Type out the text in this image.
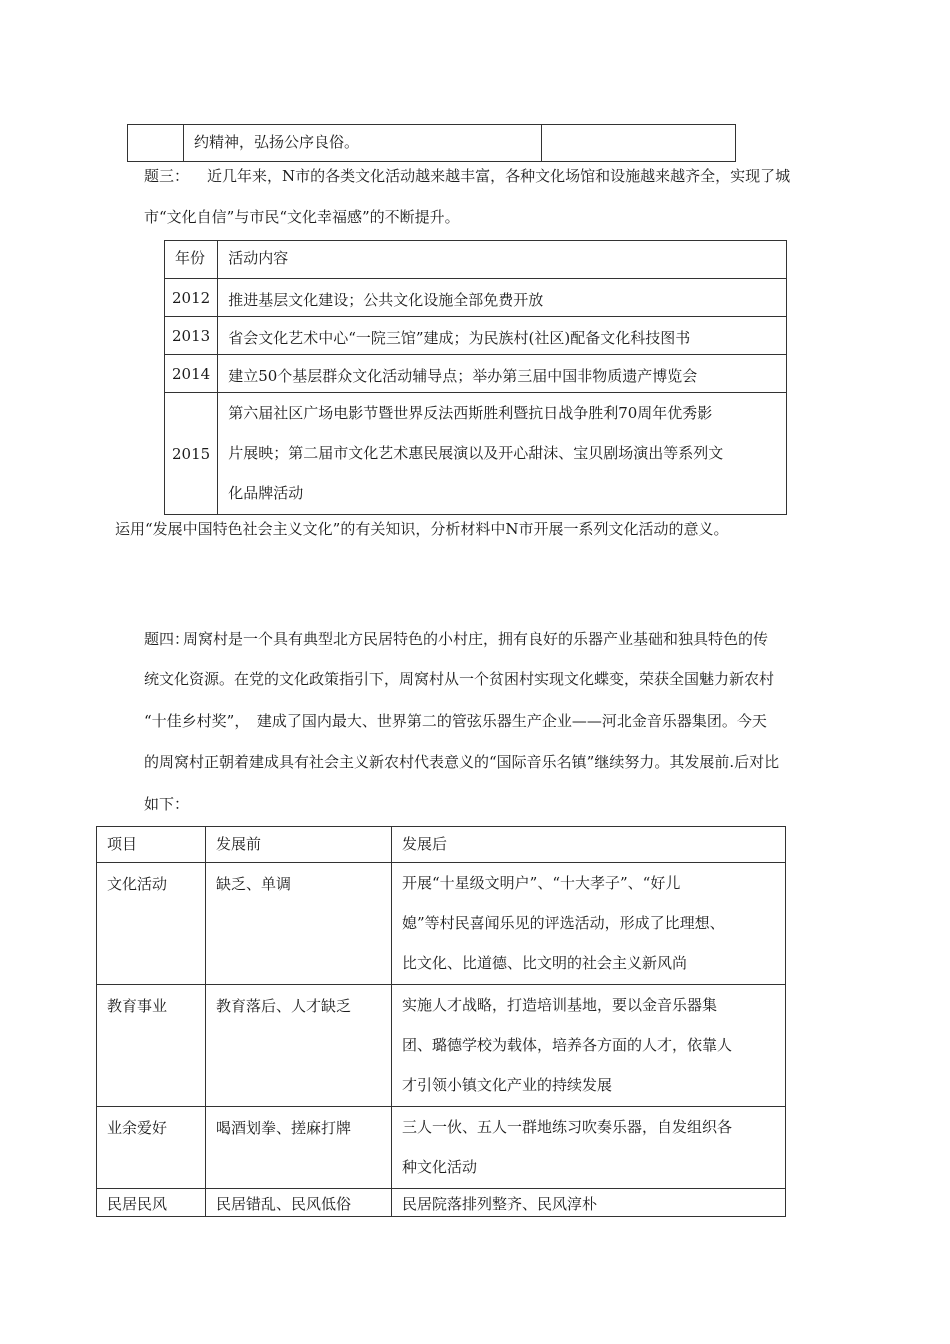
	约精神，弘扬公序良俗。	
题三： 近几年来，N市的各类文化活动越来越丰富，各种文化场馆和设施越来越齐全，实现了城
市“文化自信”与市民“文化幸福感”的不断提升。
年份	活动内容
2012	推进基层文化建设；公共文化设施全部免费开放
2013	省会文化艺术中心“一院三馆”建成；为民族村(社区)配备文化科技图书
2014	建立50个基层群众文化活动辅导点；举办第三届中国非物质遗产博览会
2015	第六届社区广场电影节暨世界反法西斯胜利暨抗日战争胜利70周年优秀影
片展映；第二届市文化艺术惠民展演以及开心甜沫、宝贝剧场演出等系列文
化品牌活动
运用“发展中国特色社会主义文化”的有关知识，分析材料中N市开展一系列文化活动的意义。
题四：
周窝村是一个具有典型北方民居特色的小村庄，拥有良好的乐器产业基础和独具特色的传
统文化资源。在党的文化政策指引下，周窝村从一个贫困村实现文化蝶变，荣获全国魅力新农村
“十佳乡村奖”，　建成了国内最大、世界第二的管弦乐器生产企业——河北金音乐器集团。今天
的周窝村正朝着建成具有社会主义新农村代表意义的“国际音乐名镇”继续努力。其发展前.后对比
如下：
项目	发展前	发展后
文化活动	缺乏、单调	开展“十星级文明户”、“十大孝子”、“好儿
媳”等村民喜闻乐见的评选活动，形成了比理想、
比文化、比道德、比文明的社会主义新风尚

教育事业	教育落后、人才缺乏	实施人才战略，打造培训基地，要以金音乐器集
团、璐德学校为载体，培养各方面的人才，依靠人
才引领小镇文化产业的持续发展

业余爱好	喝酒划拳、搓麻打牌	三人一伙、五人一群地练习吹奏乐器，自发组织各
种文化活动

民居民风	民居错乱、民风低俗	民居院落排列整齐、民风淳朴
